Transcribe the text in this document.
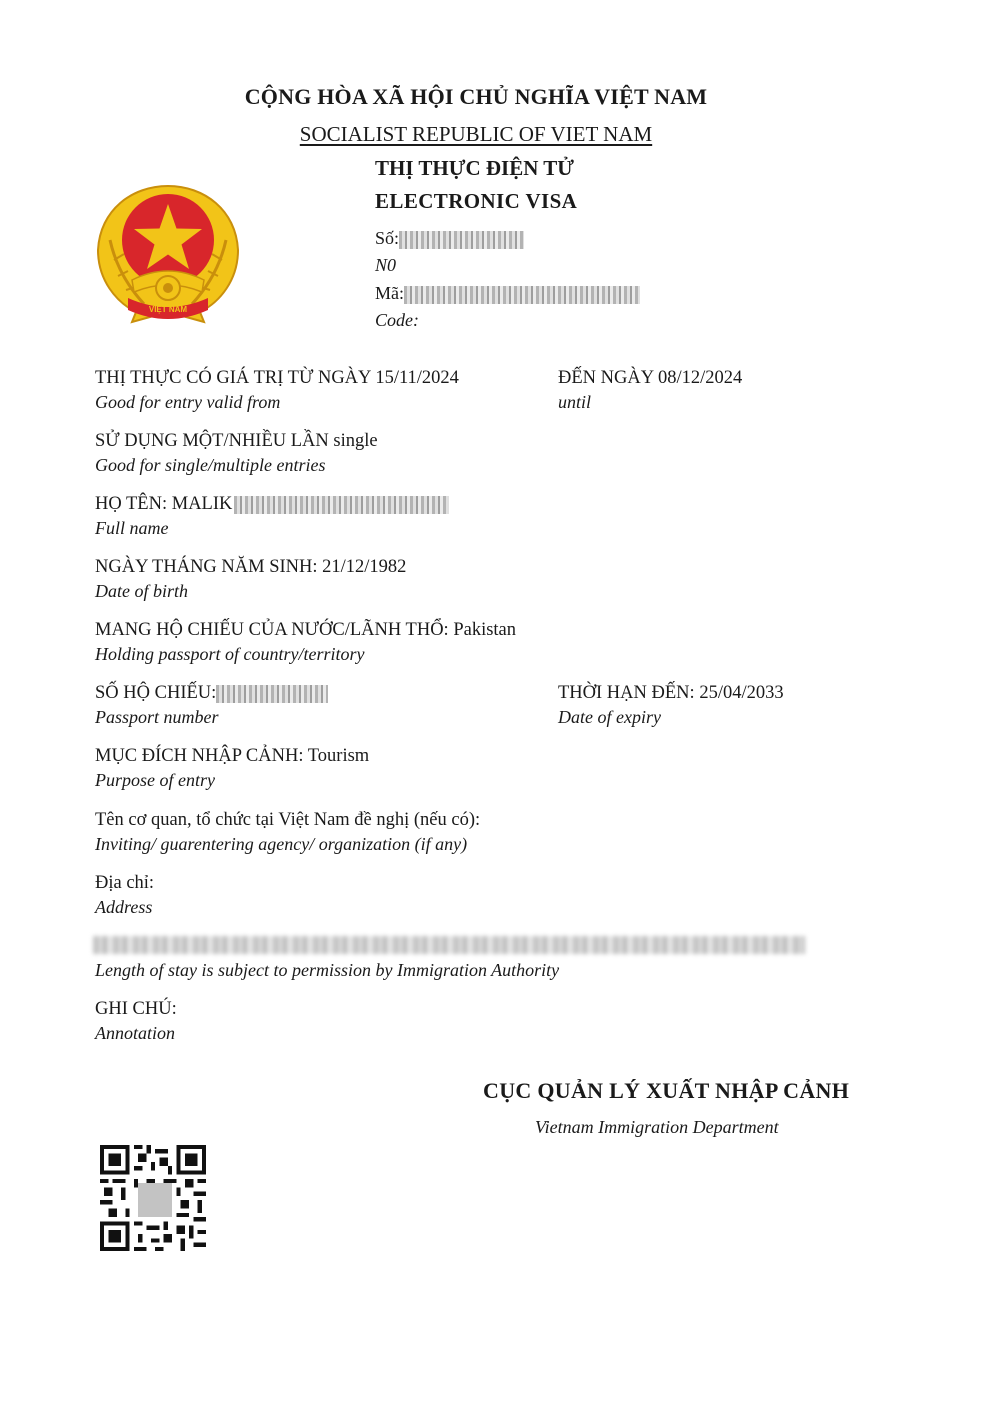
CỘNG HÒA XÃ HỘI CHỦ NGHĨA VIỆT NAM
SOCIALIST REPUBLIC OF VIET NAM
VIỆT NAM
THỊ THỰC ĐIỆN TỬ
ELECTRONIC VISA
Số:
N0
Mã:
Code:
THỊ THỰC CÓ GIÁ TRỊ TỪ NGÀY 15/11/2024
Good for entry valid from
ĐẾN NGÀY 08/12/2024
until
SỬ DỤNG MỘT/NHIỀU LẦN single
Good for single/multiple entries
HỌ TÊN: MALIK
Full name
NGÀY THÁNG NĂM SINH: 21/12/1982
Date of birth
MANG HỘ CHIẾU CỦA NƯỚC/LÃNH THỔ: Pakistan
Holding passport of country/territory
SỐ HỘ CHIẾU:
Passport number
THỜI HẠN ĐẾN: 25/04/2033
Date of expiry
MỤC ĐÍCH NHẬP CẢNH: Tourism
Purpose of entry
Tên cơ quan, tổ chức tại Việt Nam đề nghị (nếu có):
Inviting/ guarentering agency/ organization (if any)
Địa chỉ:
Address
Length of stay is subject to permission by Immigration Authority
GHI CHÚ:
Annotation
CỤC QUẢN LÝ XUẤT NHẬP CẢNH
Vietnam Immigration Department
